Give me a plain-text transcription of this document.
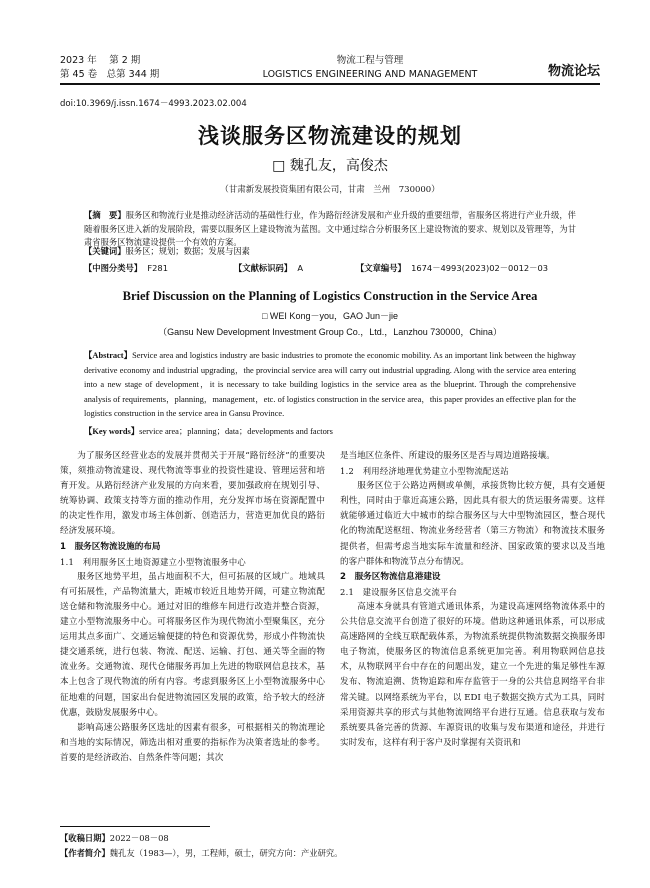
2023 年　 第 2 期
第 45 卷　总第 344 期
物流工程与管理
LOGISTICS ENGINEERING AND MANAGEMENT	物流论坛
doi:10.3969/j.issn.1674－4993.2023.02.004
浅谈服务区物流建设的规划
□ 魏孔友，高俊杰
（甘肃新发展投资集团有限公司，甘肃　兰州　730000）
【摘　要】服务区和物流行业是推动经济活动的基础性行业，作为路衍经济发展和产业升级的重要纽带，省服务区将进行产业升级，伴随着服务区进入新的发展阶段，需要以服务区上建设物流为蓝图。文中通过综合分析服务区上建设物流的要求、规划以及管理等，为甘肃省服务区物流建设提供一个有效的方案。
【关键词】服务区；规划；数据；发展与因素
【中图分类号】 F281	【文献标识码】 A	【文章编号】 1674－4993(2023)02－0012－03
Brief Discussion on the Planning of Logistics Construction in the Service Area
□ WEI Kong－you，GAO Jun－jie
（Gansu New Development Investment Group Co.，Ltd.，Lanzhou 730000，China）
【Abstract】Service area and logistics industry are basic industries to promote the economic mobility. As an important link between the highway derivative economy and industrial upgrading，the provincial service area will carry out industrial upgrading. Along with the service area entering into a new stage of development，it is necessary to take building logistics in the service area as the blueprint. Through the comprehensive analysis of requirements，planning，management，etc. of logistics construction in the service area，this paper provides an effective plan for the logistics construction in the service area in Gansu Province.
【Key words】service area；planning；data；developments and factors

为了服务区经营业态的发展并贯彻关于开展“路衍经济”的重要决策，须推动物流建设、现代物流等事业的投资性建设、管理运营和培育开发。从路衍经济产业发展的方向来看，要加强政府在规划引导、统筹协调、政策支持等方面的推动作用，充分发挥市场在资源配置中的决定性作用，激发市场主体创新、创造活力，营造更加优良的路衍经济发展环境。

1　服务区物流设施的布局
1.1　利用服务区土地资源建立小型物流服务中心

服务区地势平坦，虽占地面积不大，但可拓展的区域广。地域具有可拓展性，产品物流量大，距城市较近且地势开阔，可建立物流配送仓储和物流服务中心。通过对旧的维修车间进行改造并整合资源，建立小型物流服务中心。可将服务区作为现代物流小型聚集区，充分运用其点多面广、交通运输便捷的特色和资源优势，形成小件物流快捷交通系统，进行包装、物流、配送、运输、打包、通关等全面的物流业务。交通物流、现代仓储服务再加上先进的物联网信息技术，基本上包含了现代物流的所有内容。考虑到服务区上小型物流服务中心征地难的问题，国家出台促进物流园区发展的政策，给予较大的经济优惠，鼓励发展服务中心。

影响高速公路服务区选址的因素有很多，可根据相关的物流理论和当地的实际情况，筛选出相对重要的指标作为决策者选址的参考。首要的是经济政治、自然条件等问题；其次

是当地区位条件、所建设的服务区是否与周边道路接壤。

1.2　利用经济地理优势建立小型物流配送站

服务区位于公路边两侧或单侧，承接货物比较方便，具有交通便利性，同时由于靠近高速公路，因此具有很大的货运服务需要。这样就能够通过临近大中城市的综合服务区与大中型物流园区，整合现代化的物流配送枢纽、物流业务经营者（第三方物流）和物流技术服务提供者，但需考虑当地实际车流量和经济、国家政策的要求以及当地的客户群体和物流节点分布情况。

2　服务区物流信息港建设
2.1　建设服务区信息交流平台

高速本身就具有管道式通讯体系，为建设高速网络物流体系中的公共信息交流平台创造了很好的环境。借助这种通讯体系，可以形成高速路网的全线互联配载体系，为物流系统提供物流数据交换服务即电子物流，使服务区的物流信息系统更加完善。利用物联网信息技术，从物联网平台中存在的问题出发，建立一个先进的集足够性车源发布、物流追溯、货物追踪和库存监管于一身的公共信息网络平台非常关键。以网络系统为平台，以 EDI 电子数据交换方式为工具，同时采用资源共享的形式与其他物流网络平台进行互通。信息获取与发布系统要具备完善的货源、车源资讯的收集与发布渠道和途径，并进行实时发布，这样有利于客户及时掌握有关资讯和

【收稿日期】2022－08－08
【作者简介】魏孔友（1983—），男，工程师，硕士，研究方向：产业研究。
